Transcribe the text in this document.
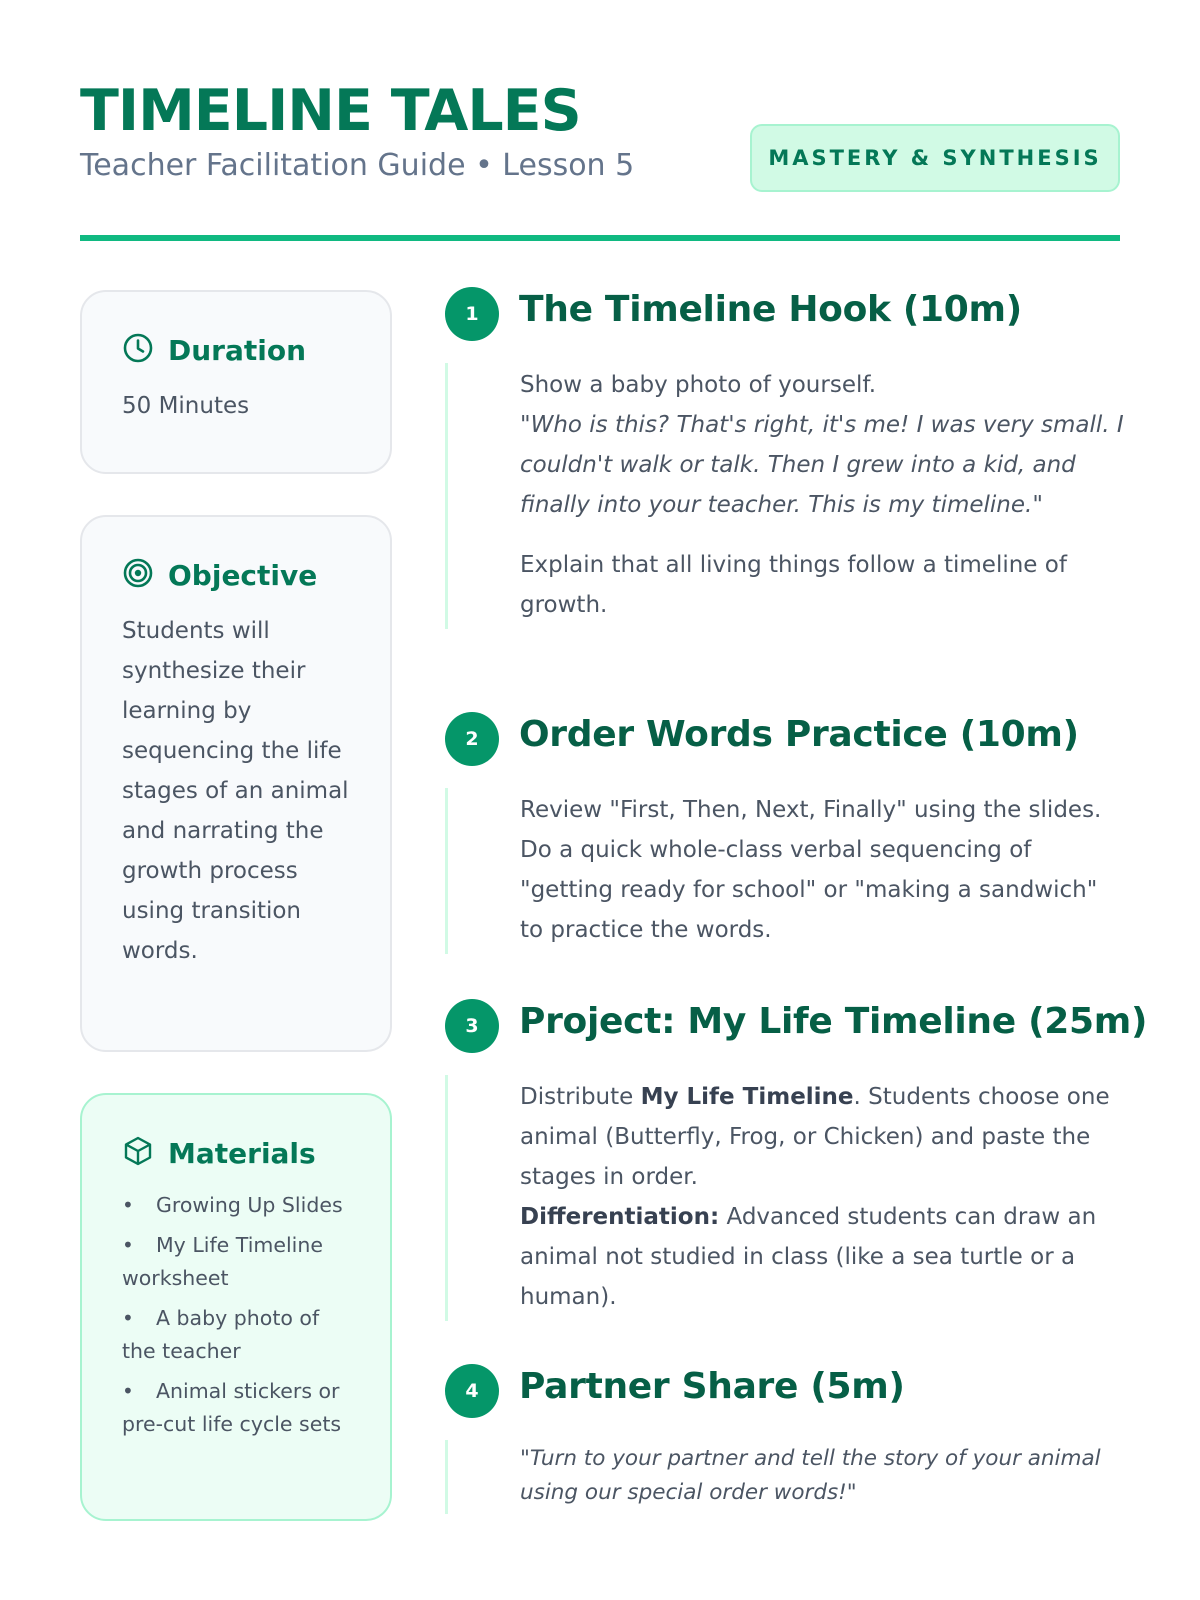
TIMELINE TALES
Teacher Facilitation Guide • Lesson 5	MASTERY & SYNTHESIS
Duration
50 Minutes
Objective
Students will synthesize their learning by sequencing the life stages of an animal and narrating the growth process using transition words.
Materials
• Growing Up Slides
• My Life Timeline worksheet
• A baby photo of the teacher
• Animal stickers or pre-cut life cycle sets
1	The Timeline Hook (10m)

Show a baby photo of yourself.

"Who is this? That's right, it's me! I was very small. I couldn't walk or talk. Then I grew into a kid, and finally into your teacher. This is my timeline."

Explain that all living things follow a timeline of growth.

2	Order Words Practice (10m)

Review "First, Then, Next, Finally" using the slides. Do a quick whole-class verbal sequencing of "getting ready for school" or "making a sandwich" to practice the words.

3	Project: My Life Timeline (25m)

Distribute My Life Timeline. Students choose one animal (Butterfly, Frog, or Chicken) and paste the stages in order.

Differentiation: Advanced students can draw an animal not studied in class (like a sea turtle or a human).

4	Partner Share (5m)

"Turn to your partner and tell the story of your animal using our special order words!"
